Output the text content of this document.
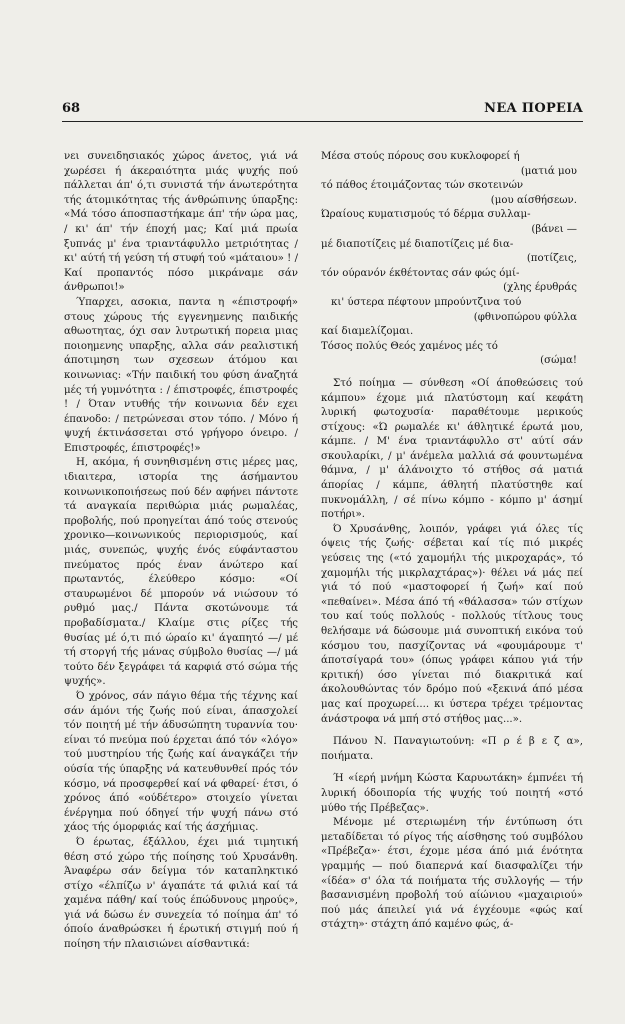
68	ΝΕΑ ΠΟΡΕΙΑ

νει συνειδησιακός χώρος άνετος, γιά νά χωρέσει ή άκεραιότητα μιάς ψυχής πού πάλλεται άπ' ό,τι συνιστά τήν άνωτερότητα τής άτομικότητας τής άνθρώπινης ύπαρξης: «Μά τόσο άποσπαστήκαμε άπ' τήν ώρα μας, / κι' άπ' τήν έποχή μας; Καί μιά πρωία ξυπνάς μ' ένα τριαντάφυλλο μετριότητας / κι' αύτή τή γεύση τή στυφή τού «μάταιου» ! / Καί προπαντός πόσο μικράναμε σάν άνθρωποι!»

Ύπαρχει, ασοκια, παντα η «έπιστροφή» στους χώρους τής εγγενημενης παιδικής αθωοτητας, όχι σαν λυτρωτική πορεια μιας ποιοημενης υπαρξης, αλλα σάν ρεαλιστική άποτιμηση των σχεσεων άτόμου και κοινωνιας: «Τήν παιδική του φύση άναζητά μές τή γυμνότητα : / έπιστροφές, έπιστροφές ! / Όταν ντυθής τήν κοινωνια δέν εχει έπανοδο: / πετρώνεσαι στον τόπο. / Μόνο ή ψυχή έκτινάσσεται στό γρήγορο όνειρο. / Επιστροφές, έπιστροφές!»

Η, ακόμα, ή συνηθισμένη στις μέρες μας, ιδιαιτερα, ιστορία της άσήμαντου κοινωνικοποιήσεως πού δέν αφήνει πάντοτε τά αναγκαία περιθώρια μιάς ρωμαλέας, προβολής, πού προηγείται άπό τούς στενούς χρονικο—κοινωνικούς περιορισμούς, καί μιάς, συνεπώς, ψυχής ένός εύφάνταστου πνεύματος πρός έναν άνώτερο καί πρωταντός, έλεύθερο κόσμο: «Οί σταυρωμένοι δέ μπορούν νά νιώσουν τό ρυθμό μας./ Πάντα σκοτώνουμε τά προβαδίσματα./ Κλαίμε στις ρίζες τής θυσίας μέ ό,τι πιό ώραίο κι' άγαπητό —/ μέ τή στοργή τής μάνας σύμβολο θυσίας —/ μά τούτο δέν ξεγράφει τά καρφιά στό σώμα τής ψυχής».

Ό χρόνος, σάν πάγιο θέμα τής τέχνης καί σάν άμόνι τής ζωής πού είναι, άπασχολεί τόν ποιητή μέ τήν άδυσώπητη τυραννία του· είναι τό πνεύμα πού έρχεται άπό τόν «λόγο» τού μυστηρίου τής ζωής καί άναγκάζει τήν ούσία τής ύπαρξης νά κατευθυνθεί πρός τόν κόσμο, νά προσφερθεί καί νά φθαρεί· έτσι, ό χρόνος άπό «ούδέτερο» στοιχείο γίνεται ένέργημα πού όδηγεί τήν ψυχή πάνω στό χάος τής όμορφιάς καί τής άσχήμιας.

Ό έρωτας, έξάλλου, έχει μιά τιμητική θέση στό χώρο τής ποίησης τού Χρυσάνθη. Άναφέρω σάν δείγμα τόν καταπληκτικό στίχο «έλπίζω ν' άγαπάτε τά φιλιά καί τά χαμένα πάθη/ καί τούς έπώδυνους μηρούς», γιά νά δώσω έν συνεχεία τό ποίημα άπ' τό όποίο άναθρώσκει ή έρωτική στιγμή πού ή ποίηση τήν πλαισιώνει αίσθαντικά:

Μέσα στούς πόρους σου κυκλοφορεί ή

(ματιά μου

τό πάθος έτοιμάζοντας τών σκοτεινών

(μου αίσθήσεων.

Ώραίους κυματισμούς τό δέρμα συλλαμ-

(βάνει —

μέ διαποτίζεις μέ διαποτίζεις μέ δια-

(ποτίζεις,

τόν ούρανόν έκθέτοντας σάν φώς όμί-

(χλης έρυθράς

κι' ύστερα πέφτουν μπρούντζινα τού

(φθινοπώρου φύλλα

καί διαμελίζομαι.

Τόσος πολύς Θεός χαμένος μές τό

(σώμα!

Στό ποίημα — σύνθεση «Οί άποθεώσεις τού κάμπου» έχομε μιά πλατύστομη καί κεφάτη λυρική φωτοχυσία· παραθέτουμε μερικούς στίχους: «Ώ ρωμαλέε κι' άθλητικέ έρωτά μου, κάμπε. / Μ' ένα τριαντάφυλλο στ' αύτί σάν σκουλαρίκι, / μ' άνέμελα μαλλιά σά φουντωμένα θάμνα, / μ' άλάνοιχτο τό στήθος σά ματιά άπορίας / κάμπε, άθλητή πλατύστηθε καί πυκνομάλλη, / σέ πίνω κόμπο - κόμπο μ' άσημί ποτήρι».

Ό Χρυσάνθης, λοιπόν, γράφει γιά όλες τίς όψεις τής ζωής· σέβεται καί τίς πιό μικρές γεύσεις της («τό χαμομήλι τής μικροχαράς», τό χαμομήλι τής μικρλαχτάρας»)· θέλει νά μάς πεί γιά τό πού «μαστοφορεί ή ζωή» καί πού «πεθαίνει». Μέσα άπό τή «θάλασσα» τών στίχων του καί τούς πολλούς - πολλούς τίτλους τους θελήσαμε νά δώσουμε μιά συνοπτική εικόνα τού κόσμου του, πασχίζοντας νά «φουμάρουμε τ' άποτσίγαρά του» (όπως γράφει κάπου γιά τήν κριτική) όσο γίνεται πιό διακριτικά καί άκολουθώντας τόν δρόμο πού «ξεκινά άπό μέσα μας καί προχωρεί.... κι ύστερα τρέχει τρέμοντας άνάστροφα νά μπή στό στήθος μας...».

Πάνου Ν. Παναγιωτούνη: «Π ρ έ β ε ζ α», ποιήματα.

Ή «ίερή μνήμη Κώστα Καρυωτάκη» έμπνέει τή λυρική όδοιπορία τής ψυχής τού ποιητή «στό μύθο τής Πρέβεζας».

Μένομε μέ στεριωμένη τήν έντύπωση ότι μεταδίδεται τό ρίγος τής αίσθησης τού συμβόλου «Πρέβεζα»· έτσι, έχομε μέσα άπό μιά ένότητα γραμμής — πού διαπερνά καί διασφαλίζει τήν «ίδέα» σ' όλα τά ποιήματα τής συλλογής — τήν βασανισμένη προβολή τού αίώνιου «μαχαιριού» πού μάς άπειλεί γιά νά έγχέουμε «φώς καί στάχτη»· στάχτη άπό καμένο φώς, ά-
